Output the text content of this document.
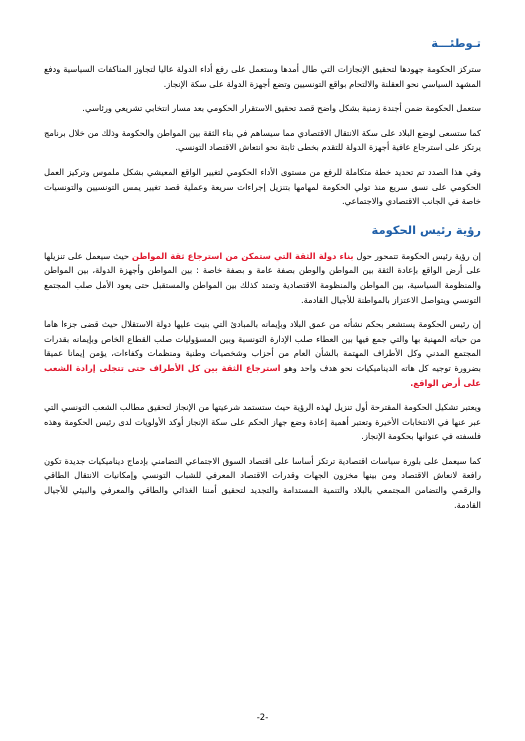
تـوطئـــة

ستركز الحكومة جهودها لتحقيق الإنجازات التي طال أمدها وستعمل على رفع أداء الدولة عاليا لتجاوز المناكفات السياسية ودفع المشهد السياسي نحو العقلنة والالتحام بواقع التونسيين وتضع أجهزة الدولة على سكة الإنجاز.

ستعمل الحكومة ضمن أجندة زمنية بشكل واضح قصد تحقيق الاستقرار الحكومي بعد مسار انتخابي تشريعي ورئاسي.

كما ستسعى لوضع البلاد على سكة الانتقال الاقتصادي مما سيساهم في بناء الثقة بين المواطن والحكومة وذلك من خلال برنامج يرتكز على استرجاع عافية أجهزة الدولة للتقدم بخطى ثابتة نحو انتعاش الاقتصاد التونسي.

وفي هذا الصدد تم تحديد خطة متكاملة للرفع من مستوى الأداء الحكومي لتغيير الواقع المعيشي بشكل ملموس وتركيز العمل الحكومي على نسق سريع منذ تولي الحكومة لمهامها بتنزيل إجراءات سريعة وعملية قصد تغيير يمس التونسيين والتونسيات خاصة في الجانب الاقتصادي والاجتماعي.

رؤية رئيس الحكومة

إن رؤية رئيس الحكومة تتمحور حول بناء دولة الثقة التي ستمكن من استرجاع ثقة المواطن حيث سيعمل على تنزيلها على أرض الواقع بإعادة الثقة بين المواطن والوطن بصفة عامة و بصفة خاصة : بين المواطن وأجهزة الدولة، بين المواطن والمنظومة السياسية، بين المواطن والمنظومة الاقتصادية وتمتد كذلك بين المواطن والمستقبل حتى يعود الأمل صلب المجتمع التونسي ويتواصل الاعتزاز بالمواطنة للأجيال القادمة.

إن رئيس الحكومة يستشعر بحكم نشأته من عمق البلاد وبإيمانه بالمبادئ التي بنيت عليها دولة الاستقلال حيث قضى جزءا هاما من حياته المهنية بها والتي جمع فيها بين العطاء صلب الإدارة التونسية وبين المسؤوليات صلب القطاع الخاص وبإيمانه بقدرات المجتمع المدني وكل الأطراف المهتمة بالشأن العام من أحزاب وشخصيات وطنية ومنظمات وكفاءات، يؤمن إيمانا عميقا بضرورة توجيه كل هاته الديناميكيات نحو هدف واحد وهو استرجاع الثقة بين كل الأطراف حتى تتجلى إرادة الشعب على أرض الواقع.

ويعتبر تشكيل الحكومة المقترحة أول تنزيل لهذه الرؤية حيث ستستمد شرعيتها من الإنجاز لتحقيق مطالب الشعب التونسي التي عبر عنها في الانتخابات الأخيرة وتعتبر أهمية إعادة وضع جهاز الحكم على سكة الإنجاز أوكد الأولويات لدى رئيس الحكومة وهذه فلسفته في عنوانها بحكومة الإنجاز.

كما سيعمل على بلورة سياسات اقتصادية ترتكز أساسا على اقتصاد السوق الاجتماعي التضامني بإدماج ديناميكيات جديدة تكون رافعة لانعاش الاقتصاد ومن بينها مخزون الجهات وقدرات الاقتصاد المعرفي للشباب التونسي وإمكانيات الانتقال الطاقي والرقمي والتضامن المجتمعي بالبلاد والتنمية المستدامة والتجديد لتحقيق أمننا الغذائي والطاقي والمعرفي والبيئي للأجيال القادمة.

-2-
